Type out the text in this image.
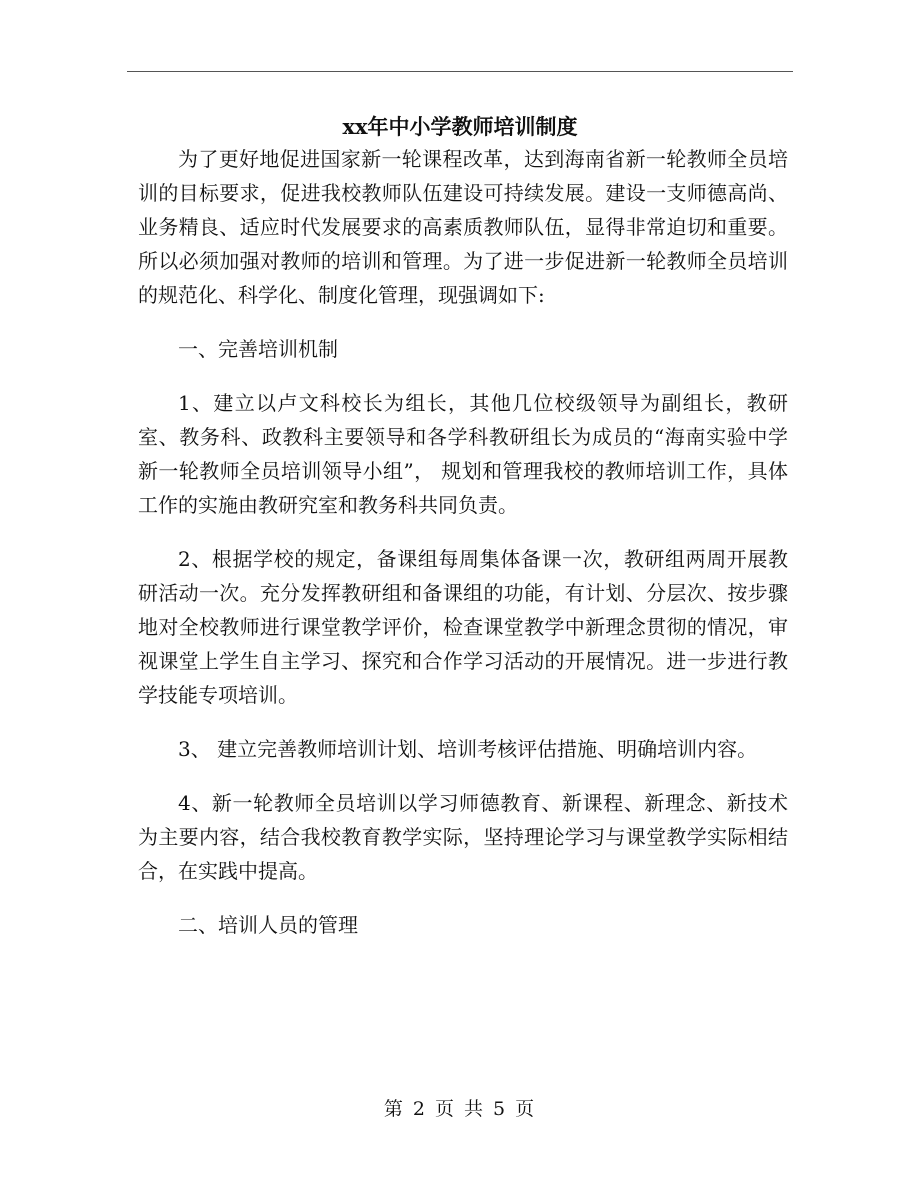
xx年中小学教师培训制度

为了更好地促进国家新一轮课程改革，达到海南省新一轮教师全员培训的目标要求，促进我校教师队伍建设可持续发展。建设一支师德高尚、业务精良、适应时代发展要求的高素质教师队伍，显得非常迫切和重要。所以必须加强对教师的培训和管理。为了进一步促进新一轮教师全员培训的规范化、科学化、制度化管理，现强调如下:

一、完善培训机制

1、建立以卢文科校长为组长，其他几位校级领导为副组长，教研室、教务科、政教科主要领导和各学科教研组长为成员的“海南实验中学新一轮教师全员培训领导小组”， 规划和管理我校的教师培训工作，具体工作的实施由教研究室和教务科共同负责。

2、根据学校的规定，备课组每周集体备课一次，教研组两周开展教研活动一次。充分发挥教研组和备课组的功能，有计划、分层次、按步骤地对全校教师进行课堂教学评价，检查课堂教学中新理念贯彻的情况，审视课堂上学生自主学习、探究和合作学习活动的开展情况。进一步进行教学技能专项培训。

3、 建立完善教师培训计划、培训考核评估措施、明确培训内容。

4、新一轮教师全员培训以学习师德教育、新课程、新理念、新技术为主要内容，结合我校教育教学实际，坚持理论学习与课堂教学实际相结合，在实践中提高。

二、培训人员的管理

第 2 页 共 5 页
